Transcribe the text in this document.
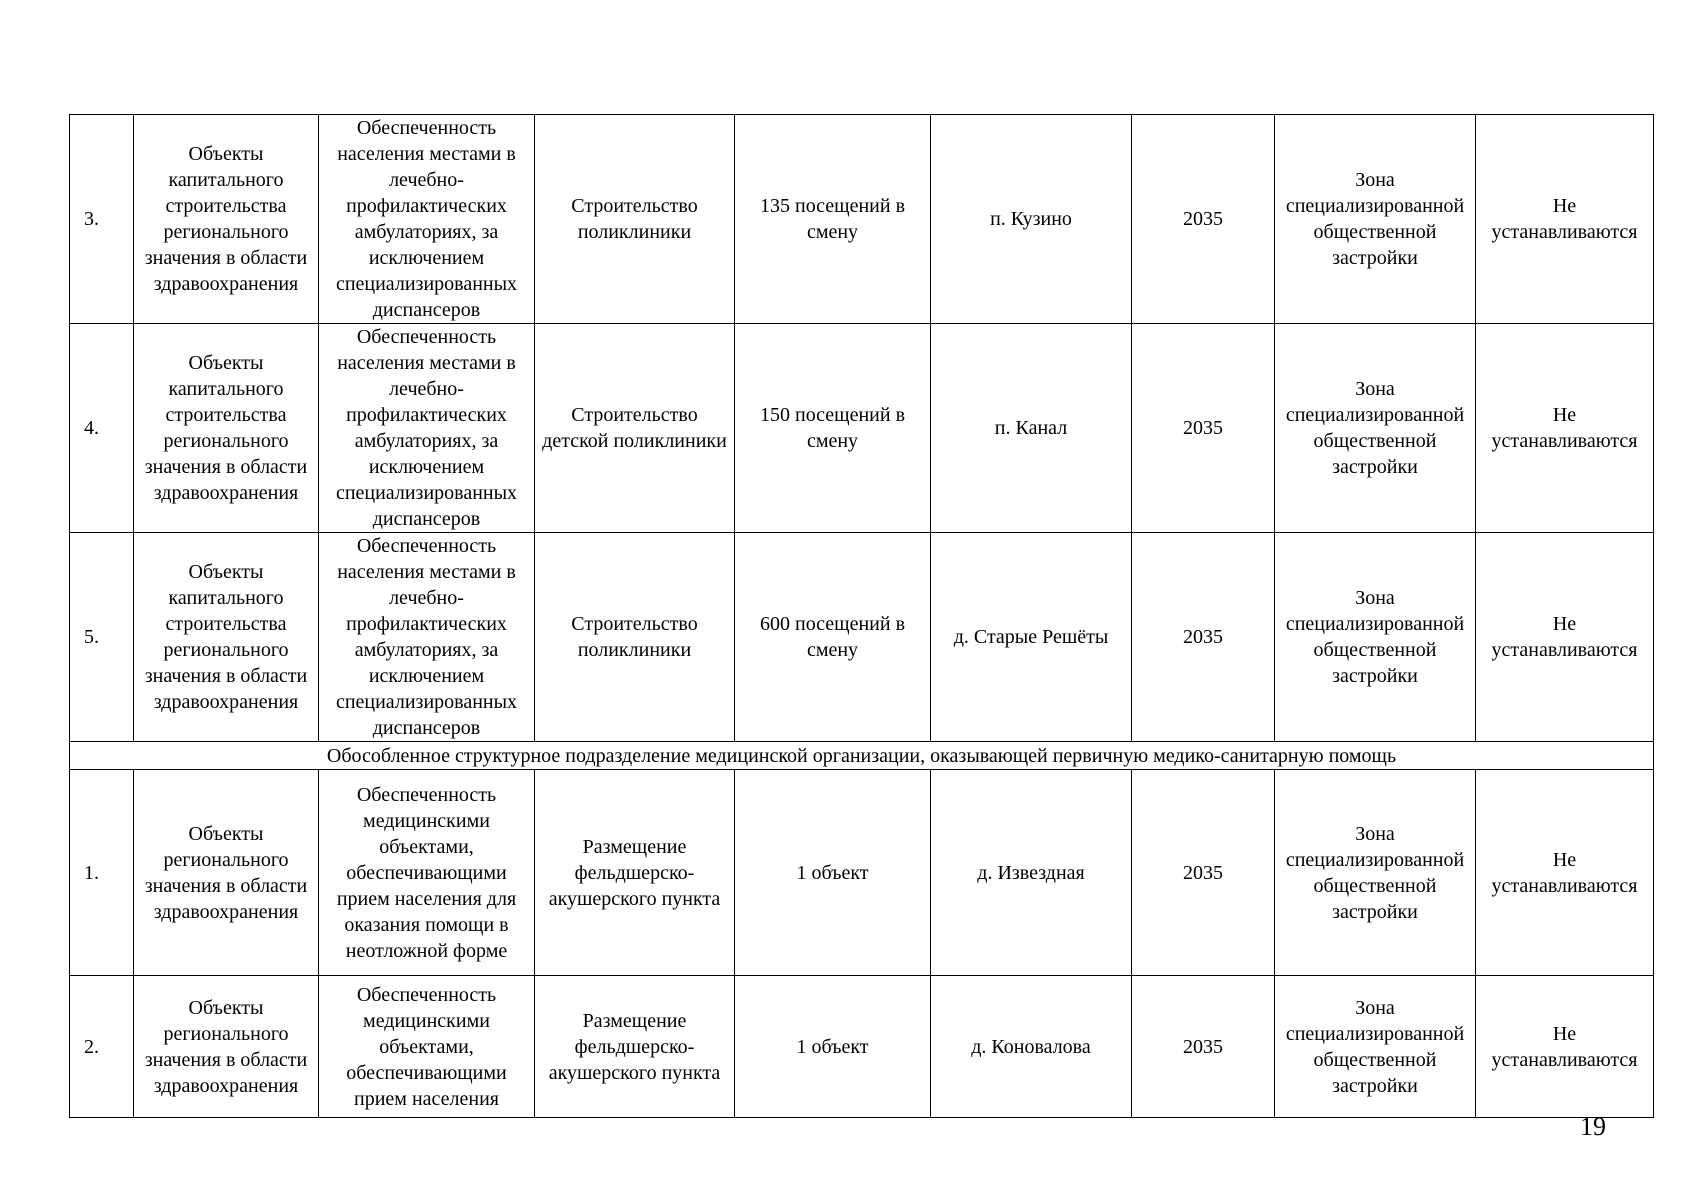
3.	Объекты капитального строительства регионального значения в области здравоохранения	Обеспеченность населения местами в лечебно-профилактических амбулаториях, за исключением специализированных диспансеров	Строительство поликлиники	135 посещений в смену	п. Кузино	2035	Зона специализированной общественной застройки	Не устанавливаются
4.	Объекты капитального строительства регионального значения в области здравоохранения	Обеспеченность населения местами в лечебно-профилактических амбулаториях, за исключением специализированных диспансеров	Строительство детской поликлиники	150 посещений в смену	п. Канал	2035	Зона специализированной общественной застройки	Не устанавливаются
5.	Объекты капитального строительства регионального значения в области здравоохранения	Обеспеченность населения местами в лечебно-профилактических амбулаториях, за исключением специализированных диспансеров	Строительство поликлиники	600 посещений в смену	д. Старые Решёты	2035	Зона специализированной общественной застройки	Не устанавливаются
Обособленное структурное подразделение медицинской организации, оказывающей первичную медико-санитарную помощь								
1.	Объекты регионального значения в области здравоохранения	Обеспеченность медицинскими объектами, обеспечивающими прием населения для оказания помощи в неотложной форме	Размещение фельдшерско-акушерского пункта	1 объект	д. Извездная	2035	Зона специализированной общественной застройки	Не устанавливаются
2.	Объекты регионального значения в области здравоохранения	Обеспеченность медицинскими объектами, обеспечивающими прием населения	Размещение фельдшерско-акушерского пункта	1 объект	д. Коновалова	2035	Зона специализированной общественной застройки	Не устанавливаются
19
